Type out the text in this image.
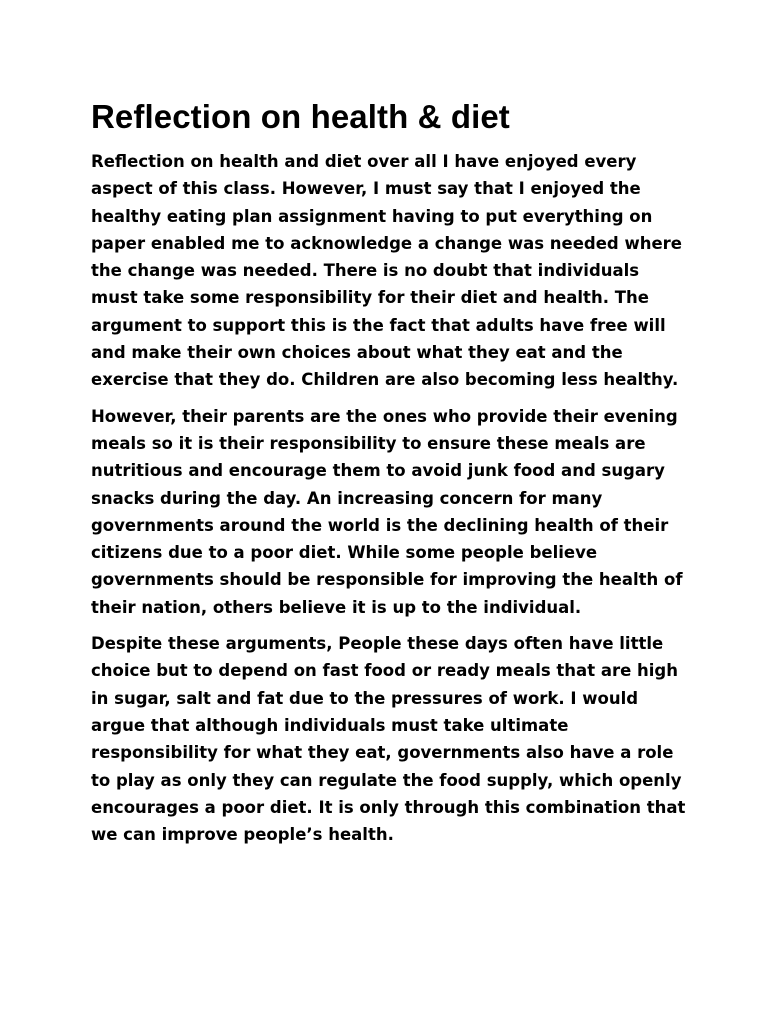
Reflection on health & diet

Reflection on health and diet over all I have enjoyed every aspect of this class. However, I must say that I enjoyed the healthy eating plan assignment having to put everything on paper enabled me to acknowledge a change was needed where the change was needed. There is no doubt that individuals must take some responsibility for their diet and health. The argument to support this is the fact that adults have free will and make their own choices about what they eat and the exercise that they do. Children are also becoming less healthy.

However, their parents are the ones who provide their evening meals so it is their responsibility to ensure these meals are nutritious and encourage them to avoid junk food and sugary snacks during the day. An increasing concern for many governments around the world is the declining health of their citizens due to a poor diet. While some people believe governments should be responsible for improving the health of their nation, others believe it is up to the individual.

Despite these arguments, People these days often have little choice but to depend on fast food or ready meals that are high in sugar, salt and fat due to the pressures of work. I would argue that although individuals must take ultimate responsibility for what they eat, governments also have a role to play as only they can regulate the food supply, which openly encourages a poor diet. It is only through this combination that we can improve people’s health.
